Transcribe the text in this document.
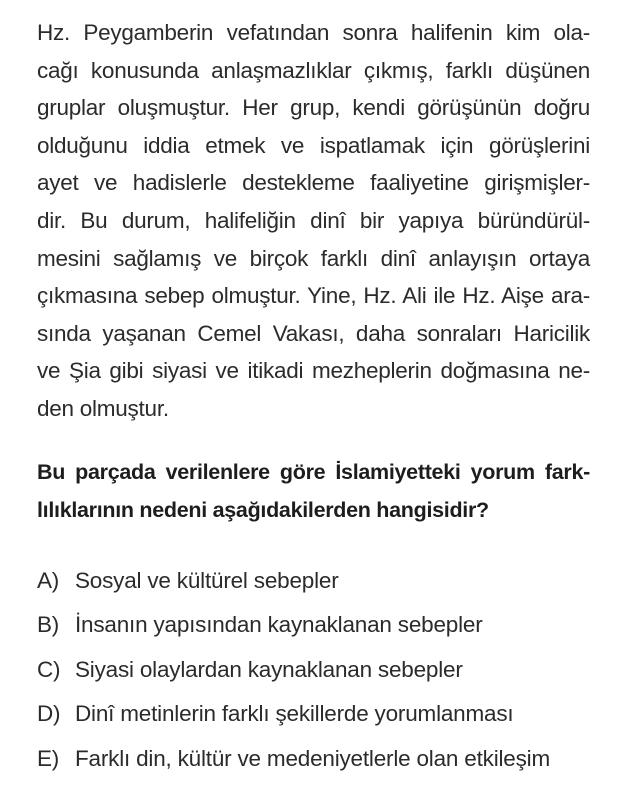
Hz. Peygamberin vefatından sonra halifenin kim ola-
cağı konusunda anlaşmazlıklar çıkmış, farklı düşünen
gruplar oluşmuştur. Her grup, kendi görüşünün doğru
olduğunu iddia etmek ve ispatlamak için görüşlerini
ayet ve hadislerle destekleme faaliyetine girişmişler-
dir. Bu durum, halifeliğin dinî bir yapıya büründürül-
mesini sağlamış ve birçok farklı dinî anlayışın ortaya
çıkmasına sebep olmuştur. Yine, Hz. Ali ile Hz. Aişe ara-
sında yaşanan Cemel Vakası, daha sonraları Haricilik
ve Şia gibi siyasi ve itikadi mezheplerin doğmasına ne-
den olmuştur.
Bu parçada verilenlere göre İslamiyetteki yorum fark-
lılıklarının nedeni aşağıdakilerden hangisidir?
A) Sosyal ve kültürel sebepler
B) İnsanın yapısından kaynaklanan sebepler
C) Siyasi olaylardan kaynaklanan sebepler
D) Dinî metinlerin farklı şekillerde yorumlanması
E) Farklı din, kültür ve medeniyetlerle olan etkileşim
